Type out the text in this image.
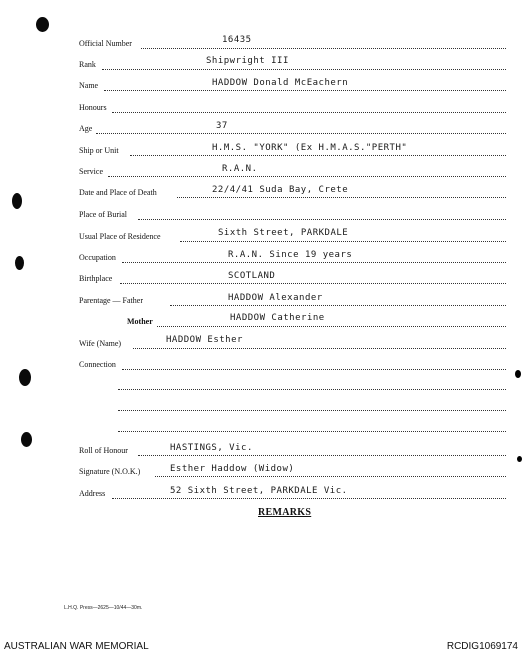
Official Number	16435
Rank	Shipwright III
Name	HADDOW Donald McEachern
Honours
Age	37
Ship or Unit	H.M.S. "YORK" (Ex H.M.A.S."PERTH"
Service	R.A.N.
Date and Place of Death	22/4/41 Suda Bay, Crete
Place of Burial
Usual Place of Residence	Sixth Street, PARKDALE
Occupation	R.A.N. Since 19 years
Birthplace	SCOTLAND
Parentage — Father	HADDOW Alexander
Mother	HADDOW Catherine
Wife (Name)	HADDOW Esther
Connection
Roll of Honour	HASTINGS, Vic.
Signature (N.O.K.)	Esther Haddow (Widow)
Address	52 Sixth Street, PARKDALE Vic.
REMARKS
L.H.Q. Press—2625—10/44—30m.
AUSTRALIAN WAR MEMORIAL	RCDIG1069174
